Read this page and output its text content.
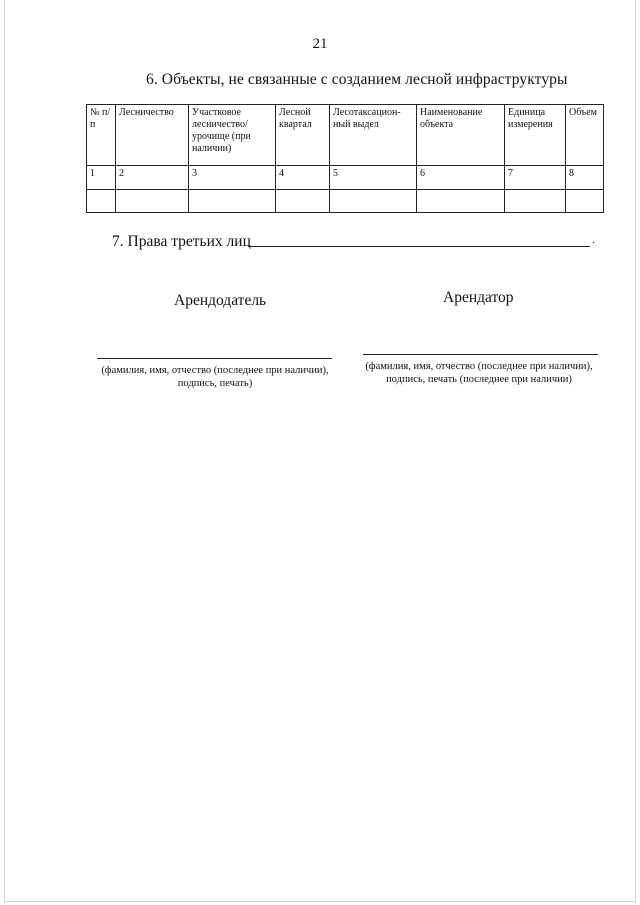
21
6. Объекты, не связанные с созданием лесной инфраструктуры
№ п/п	Лесничество	Участковое лесничество/ урочище (при наличии)	Лесной квартал	Лесотаксацион-ный выдел	Наименование объекта	Единица измерения	Объем
1	2	3	4	5	6	7	8

7. Права третьих лиц	.
Арендодатель	Арендатор
(фамилия, имя, отчество (последнее при наличии), подпись, печать)
(фамилия, имя, отчество (последнее при наличии), подпись, печать (последнее при наличии)
